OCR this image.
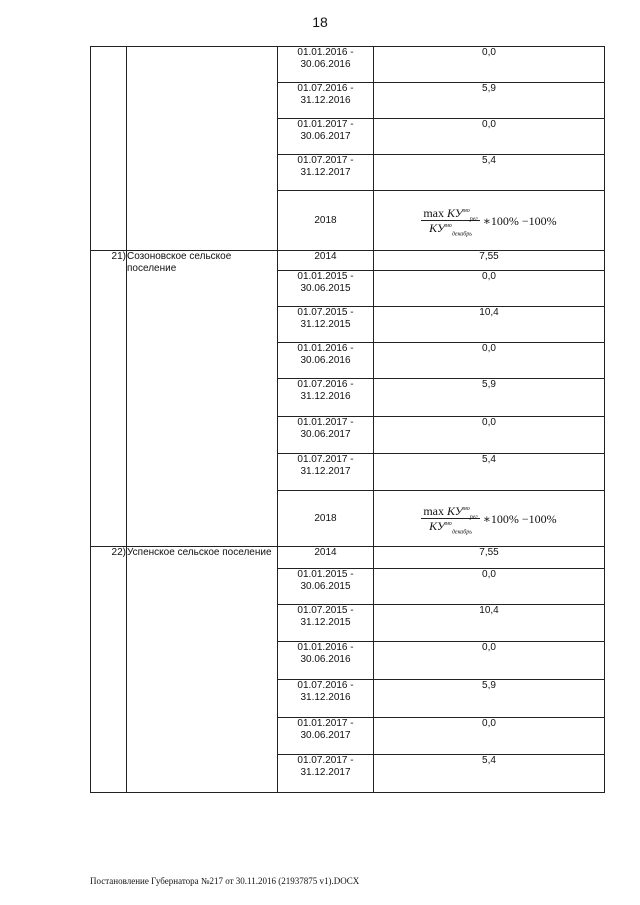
18
		01.01.2016 - 30.06.2016	0,0
		01.07.2016 - 31.12.2016	5,9
		01.01.2017 - 30.06.2017	0,0
		01.07.2017 - 31.12.2017	5,4
		2018	$\frac{\max КУ^{мо}_{рег}}{КУ^{мо}_{декабрь}}$ ∗100% −100%

21)	Созоновское сельское поселение	2014	7,55
		01.01.2015 - 30.06.2015	0,0
		01.07.2015 - 31.12.2015	10,4
		01.01.2016 - 30.06.2016	0,0
		01.07.2016 - 31.12.2016	5,9
		01.01.2017 - 30.06.2017	0,0
		01.07.2017 - 31.12.2017	5,4
		2018	$\frac{\max КУ^{мо}_{рег}}{КУ^{мо}_{декабрь}}$ ∗100% −100%

22)	Успенское сельское поселение	2014	7,55
		01.01.2015 - 30.06.2015	0,0
		01.07.2015 - 31.12.2015	10,4
		01.01.2016 - 30.06.2016	0,0
		01.07.2016 - 31.12.2016	5,9
		01.01.2017 - 30.06.2017	0,0
		01.07.2017 - 31.12.2017	5,4
Постановление Губернатора №217 от 30.11.2016 (21937875 v1).DOCX
